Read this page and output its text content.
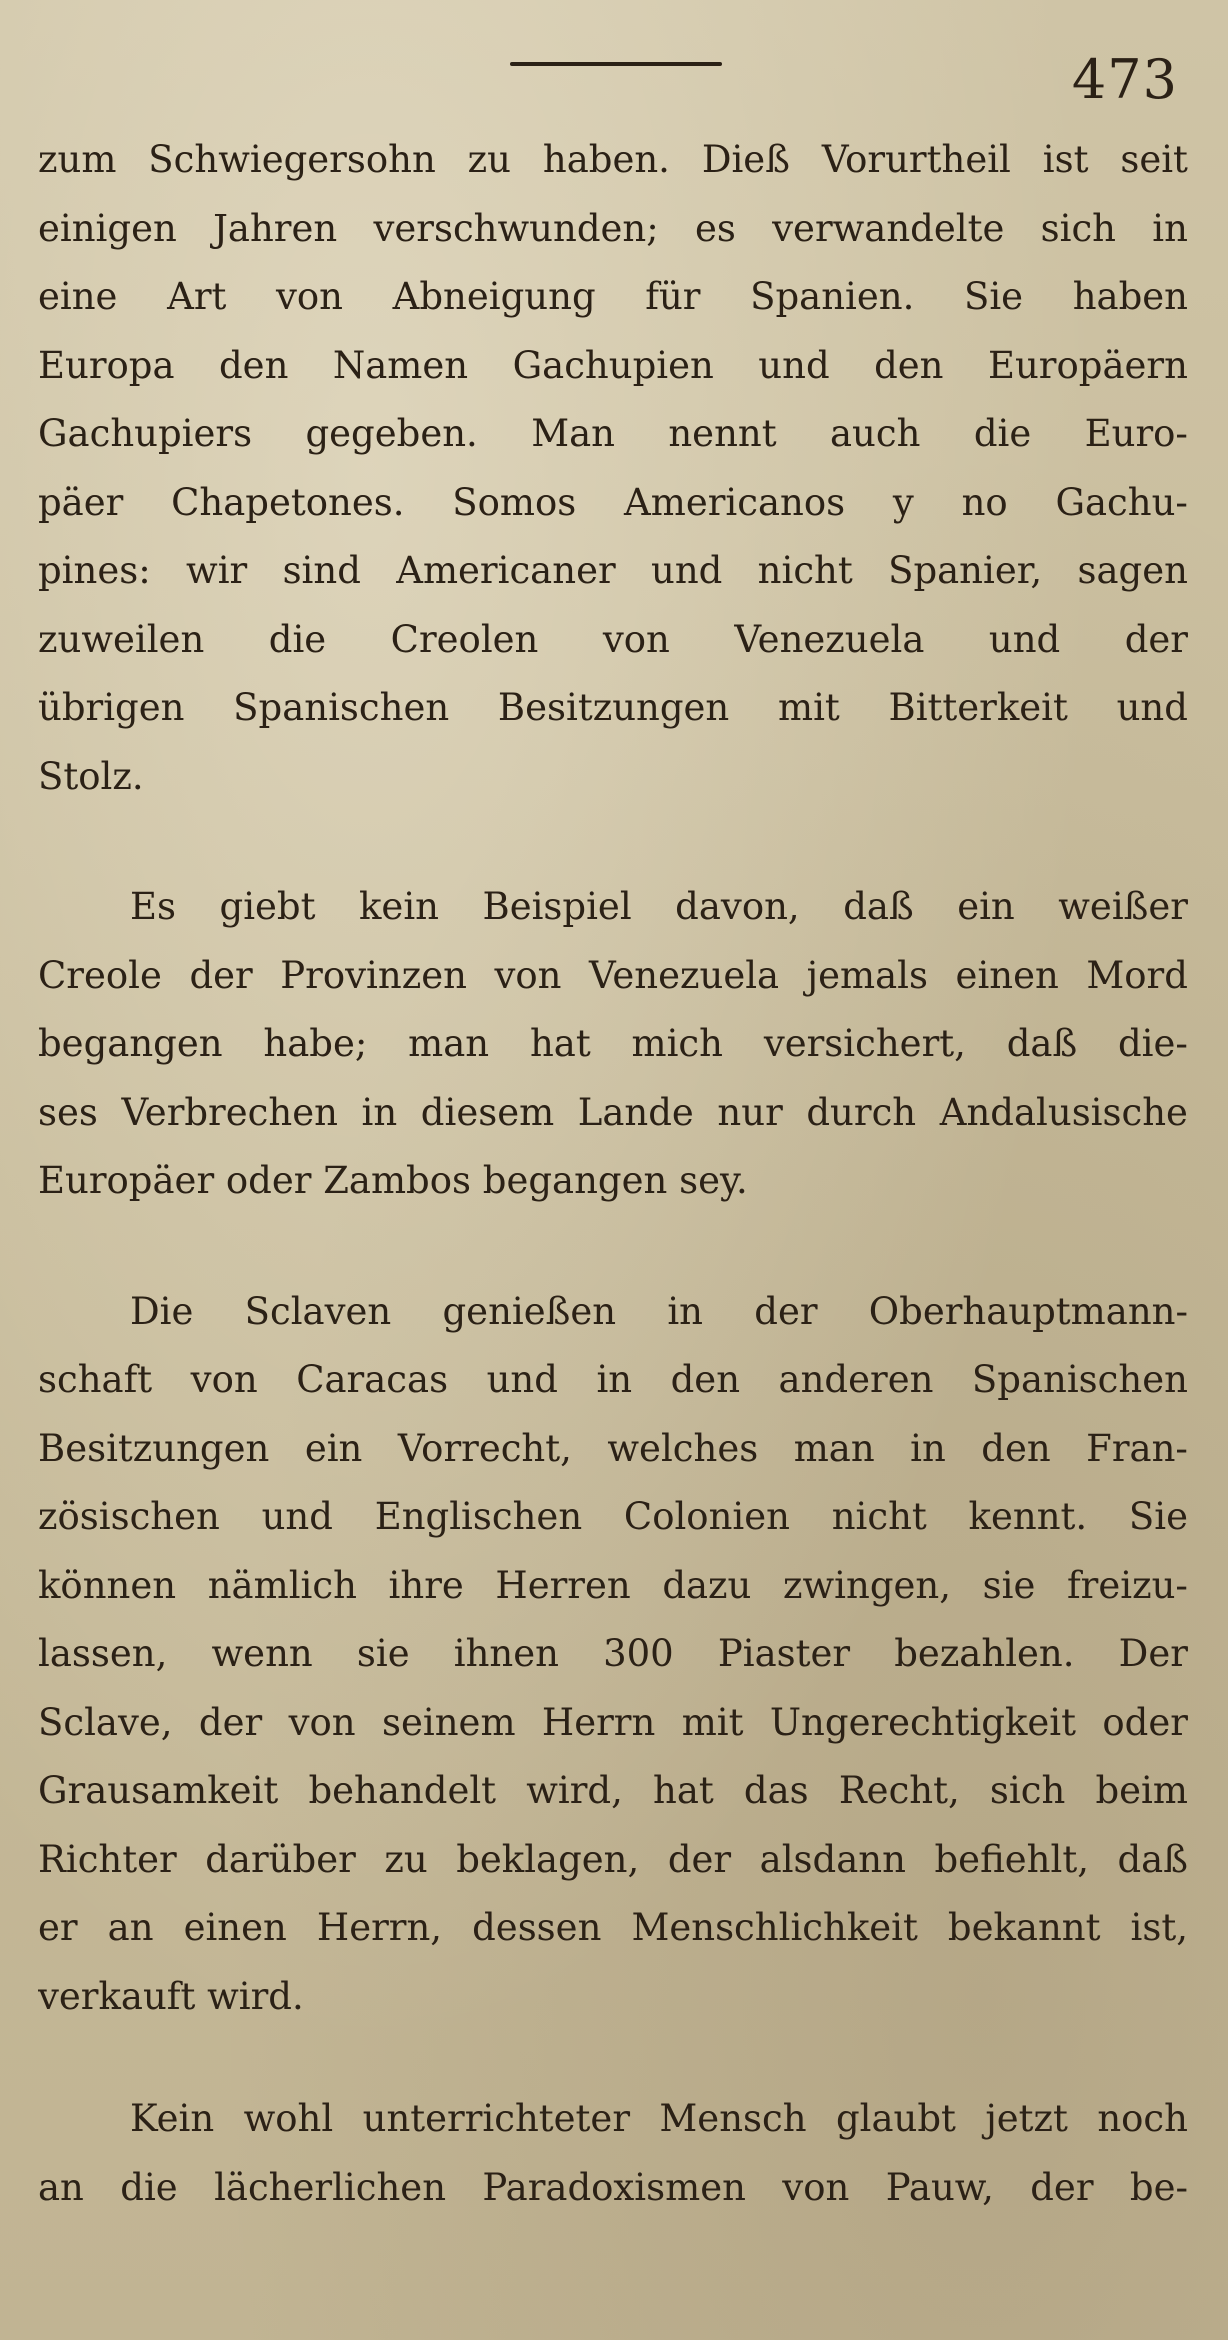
473
zum Schwiegersohn zu haben. Dieß Vorurtheil ist seit
einigen Jahren verschwunden; es verwandelte sich in
eine Art von Abneigung für Spanien. Sie haben
Europa den Namen Gachupien und den Europäern
Gachupiers gegeben. Man nennt auch die Euro-
päer Chapetones. Somos Americanos y no Gachu-
pines: wir sind Americaner und nicht Spanier, sagen
zuweilen die Creolen von Venezuela und der
übrigen Spanischen Besitzungen mit Bitterkeit und
Stolz.
Es giebt kein Beispiel davon, daß ein weißer
Creole der Provinzen von Venezuela jemals einen Mord
begangen habe; man hat mich versichert, daß die-
ses Verbrechen in diesem Lande nur durch Andalusische
Europäer oder Zambos begangen sey.
Die Sclaven genießen in der Oberhauptmann-
schaft von Caracas und in den anderen Spanischen
Besitzungen ein Vorrecht, welches man in den Fran-
zösischen und Englischen Colonien nicht kennt. Sie
können nämlich ihre Herren dazu zwingen, sie freizu-
lassen, wenn sie ihnen 300 Piaster bezahlen. Der
Sclave, der von seinem Herrn mit Ungerechtigkeit oder
Grausamkeit behandelt wird, hat das Recht, sich beim
Richter darüber zu beklagen, der alsdann befiehlt, daß
er an einen Herrn, dessen Menschlichkeit bekannt ist,
verkauft wird.
Kein wohl unterrichteter Mensch glaubt jetzt noch
an die lächerlichen Paradoxismen von Pauw, der be-
